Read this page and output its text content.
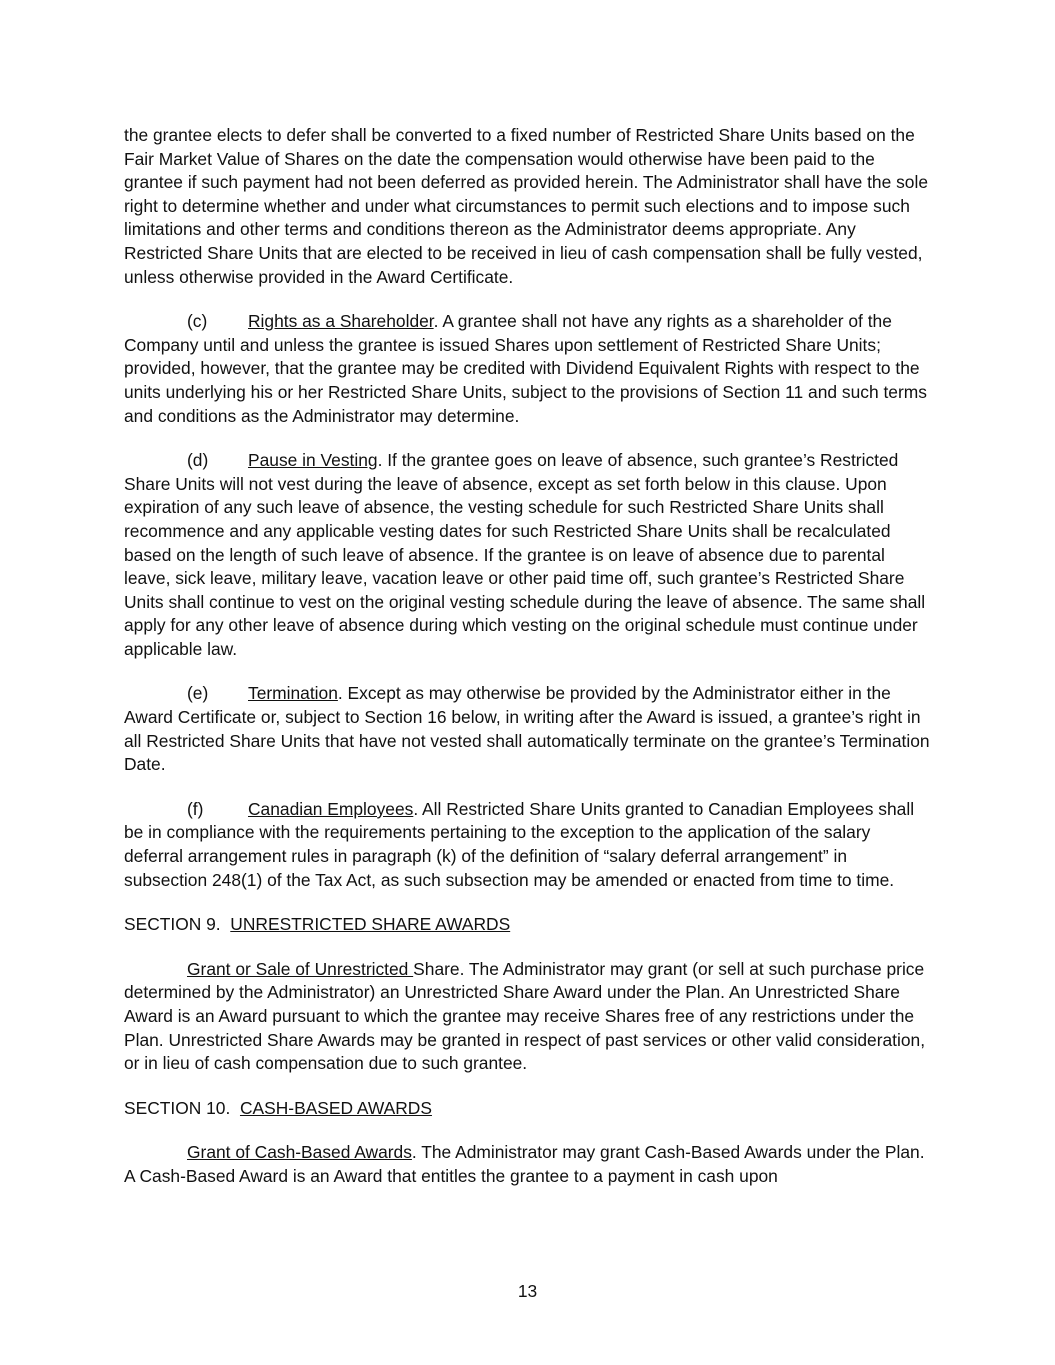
the grantee elects to defer shall be converted to a fixed number of Restricted Share Units based on the Fair Market Value of Shares on the date the compensation would otherwise have been paid to the grantee if such payment had not been deferred as provided herein. The Administrator shall have the sole right to determine whether and under what circumstances to permit such elections and to impose such limitations and other terms and conditions thereon as the Administrator deems appropriate. Any Restricted Share Units that are elected to be received in lieu of cash compensation shall be fully vested, unless otherwise provided in the Award Certificate.

(c) Rights as a Shareholder. A grantee shall not have any rights as a shareholder of the Company until and unless the grantee is issued Shares upon settlement of Restricted Share Units; provided, however, that the grantee may be credited with Dividend Equivalent Rights with respect to the units underlying his or her Restricted Share Units, subject to the provisions of Section 11 and such terms and conditions as the Administrator may determine.

(d) Pause in Vesting. If the grantee goes on leave of absence, such grantee’s Restricted Share Units will not vest during the leave of absence, except as set forth below in this clause. Upon expiration of any such leave of absence, the vesting schedule for such Restricted Share Units shall recommence and any applicable vesting dates for such Restricted Share Units shall be recalculated based on the length of such leave of absence. If the grantee is on leave of absence due to parental leave, sick leave, military leave, vacation leave or other paid time off, such grantee’s Restricted Share Units shall continue to vest on the original vesting schedule during the leave of absence. The same shall apply for any other leave of absence during which vesting on the original schedule must continue under applicable law.

(e) Termination. Except as may otherwise be provided by the Administrator either in the Award Certificate or, subject to Section 16 below, in writing after the Award is issued, a grantee’s right in all Restricted Share Units that have not vested shall automatically terminate on the grantee’s Termination Date.

(f)	Canadian Employees. All Restricted Share Units granted to Canadian Employees shall be in compliance with the requirements pertaining to the exception to the application of the salary deferral arrangement rules in paragraph (k) of the definition of “salary deferral arrangement” in subsection 248(1) of the Tax Act, as such subsection may be amended or enacted from time to time.

SECTION 9.  UNRESTRICTED SHARE AWARDS

Grant or Sale of Unrestricted Share. The Administrator may grant (or sell at such purchase price determined by the Administrator) an Unrestricted Share Award under the Plan. An Unrestricted Share Award is an Award pursuant to which the grantee may receive Shares free of any restrictions under the Plan. Unrestricted Share Awards may be granted in respect of past services or other valid consideration, or in lieu of cash compensation due to such grantee.

SECTION 10.  CASH-BASED AWARDS

Grant of Cash-Based Awards. The Administrator may grant Cash-Based Awards under the Plan. A Cash-Based Award is an Award that entitles the grantee to a payment in cash upon

13
